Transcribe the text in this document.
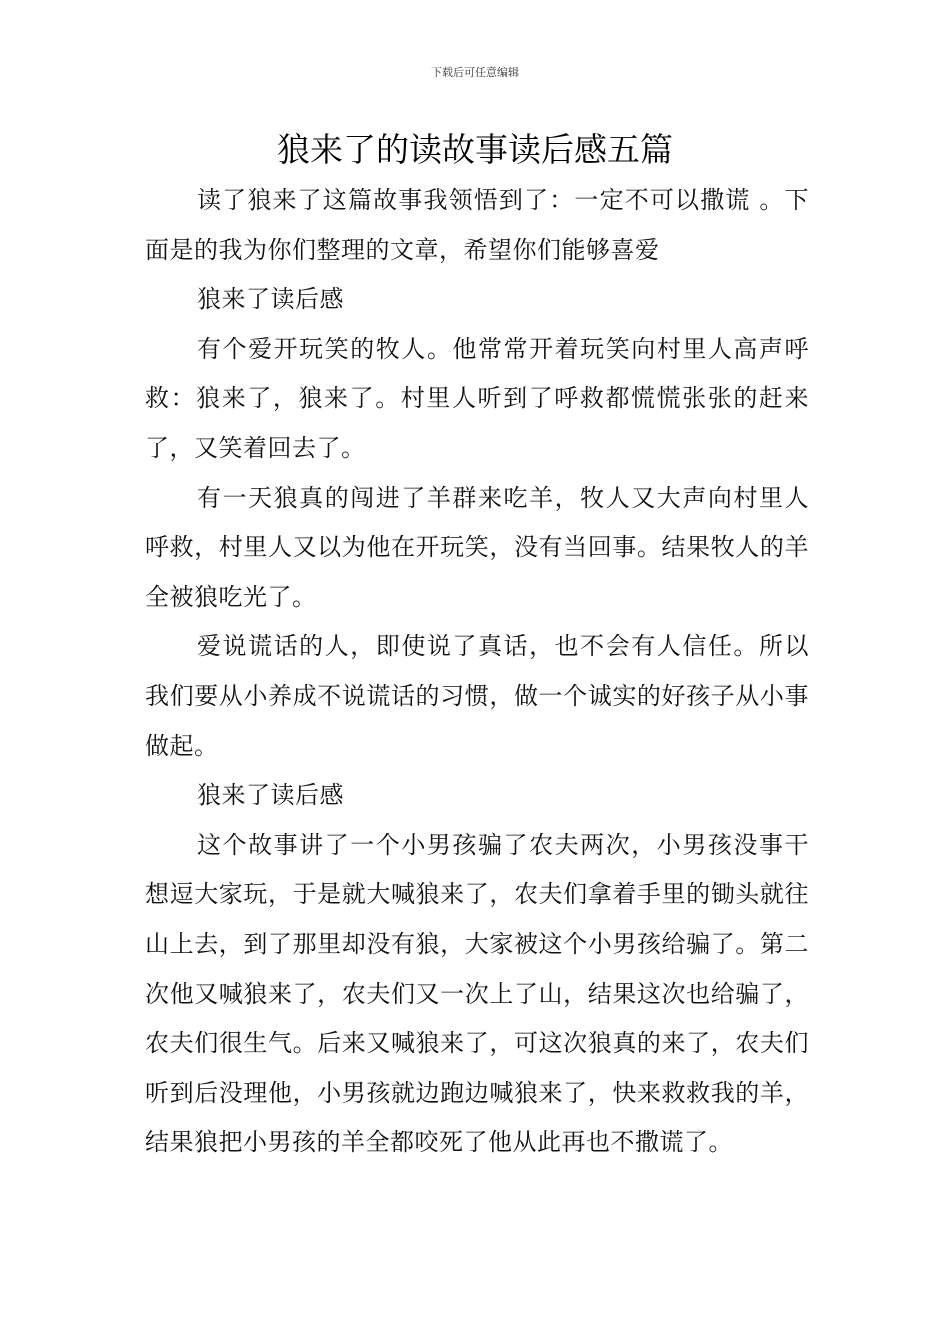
下载后可任意编辑
狼来了的读故事读后感五篇

读了狼来了这篇故事我领悟到了：一定不可以撒谎 。下面是的我为你们整理的文章，希望你们能够喜爱

狼来了读后感

有个爱开玩笑的牧人。他常常开着玩笑向村里人高声呼救：狼来了，狼来了。村里人听到了呼救都慌慌张张的赶来了，又笑着回去了。

有一天狼真的闯进了羊群来吃羊，牧人又大声向村里人呼救，村里人又以为他在开玩笑，没有当回事。结果牧人的羊全被狼吃光了。

爱说谎话的人，即使说了真话，也不会有人信任。所以我们要从小养成不说谎话的习惯，做一个诚实的好孩子从小事做起。

狼来了读后感

这个故事讲了一个小男孩骗了农夫两次，小男孩没事干想逗大家玩，于是就大喊狼来了，农夫们拿着手里的锄头就往山上去，到了那里却没有狼，大家被这个小男孩给骗了。第二次他又喊狼来了，农夫们又一次上了山，结果这次也给骗了，农夫们很生气。后来又喊狼来了，可这次狼真的来了，农夫们听到后没理他，小男孩就边跑边喊狼来了，快来救救我的羊，结果狼把小男孩的羊全都咬死了他从此再也不撒谎了。
